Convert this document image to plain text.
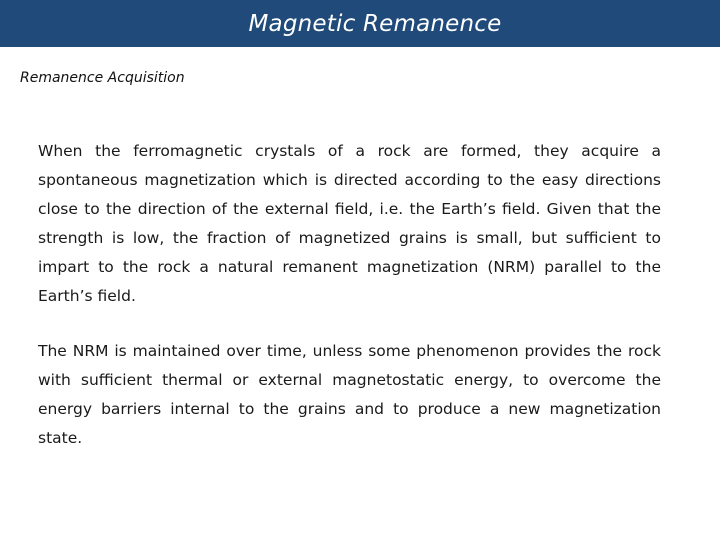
Magnetic Remanence
Remanence Acquisition
When the ferromagnetic crystals of a rock are formed, they acquire a spontaneous magnetization which is directed according to the easy directions close to the direction of the external field, i.e. the Earth’s field. Given that the strength is low, the fraction of magnetized grains is small, but sufficient to impart to the rock a natural remanent magnetization (NRM) parallel to the Earth’s field.
The NRM is maintained over time, unless some phenomenon provides the rock with sufficient thermal or external magnetostatic energy, to overcome the energy barriers internal to the grains and to produce a new magnetization state.
